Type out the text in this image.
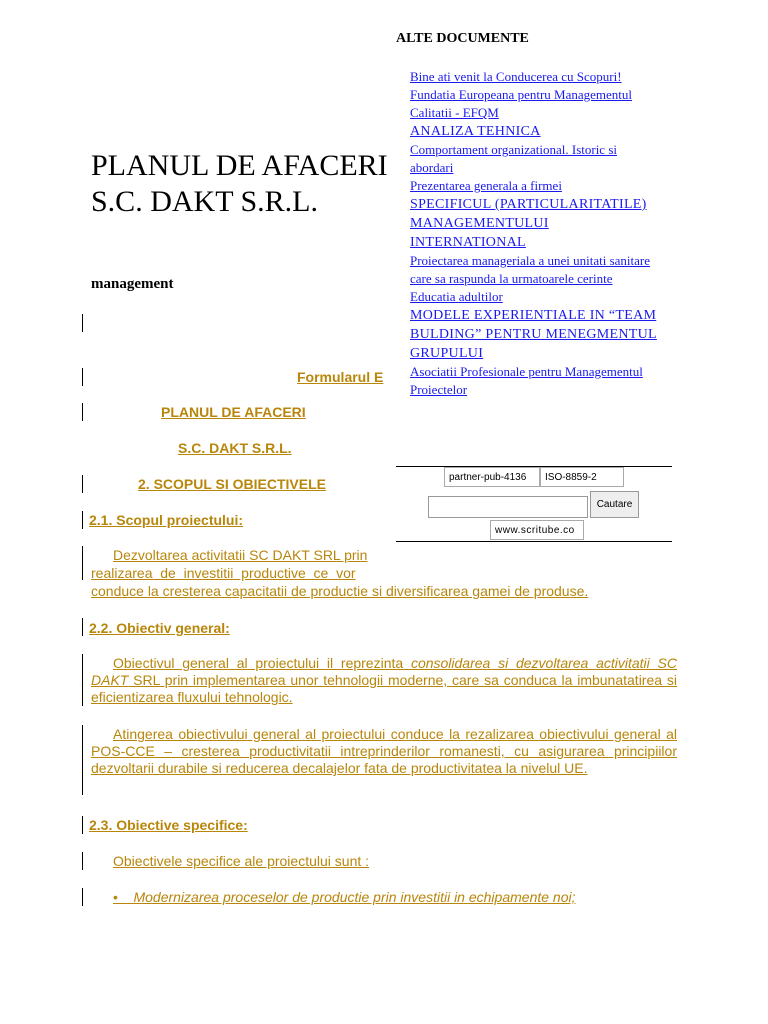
PLANUL DE AFACERI S.C. DAKT S.R.L.
management
Formularul E
PLANUL DE AFACERI
S.C. DAKT S.R.L.
2. SCOPUL SI OBIECTIVELE
2.1. Scopul proiectului:
Dezvoltarea activitatii SC DAKT SRL prin
realizarea  de  investitii  productive  ce  vor
conduce la cresterea capacitatii de productie si diversificarea gamei de produse.
2.2. Obiectiv general:
Obiectivul general al proiectului il reprezinta consolidarea si dezvoltarea activitatii SC DAKT SRL prin implementarea unor tehnologii moderne, care sa conduca la imbunatatirea si eficientizarea fluxului tehnologic.
Atingerea obiectivului general al proiectului conduce la rezalizarea obiectivului general al POS-CCE – cresterea productivitatii intreprinderilor romanesti, cu asigurarea principiilor dezvoltarii durabile si reducerea decalajelor fata de productivitatea la nivelul UE.
2.3. Obiective specifice:
Obiectivele specifice ale proiectului sunt :
•    Modernizarea proceselor de productie prin investitii in echipamente noi;
ALTE DOCUMENTE
Bine ati venit la Conducerea cu Scopuri!
Fundatia Europeana pentru Managementul Calitatii - EFQM
ANALIZA TEHNICA
Comportament organizational. Istoric si abordari
Prezentarea generala a firmei
SPECIFICUL (PARTICULARITATILE) MANAGEMENTULUI INTERNATIONAL
Proiectarea manageriala a unei unitati sanitare care sa raspunda la urmatoarele cerinte
Educatia adultilor
MODELE EXPERIENTIALE IN “TEAM BULDING” PENTRU MENEGMENTUL GRUPULUI
Asociatii Profesionale pentru Managementul Proiectelor
partner-pub-4136	ISO-8859-2
Cautare
www.scritube.co
